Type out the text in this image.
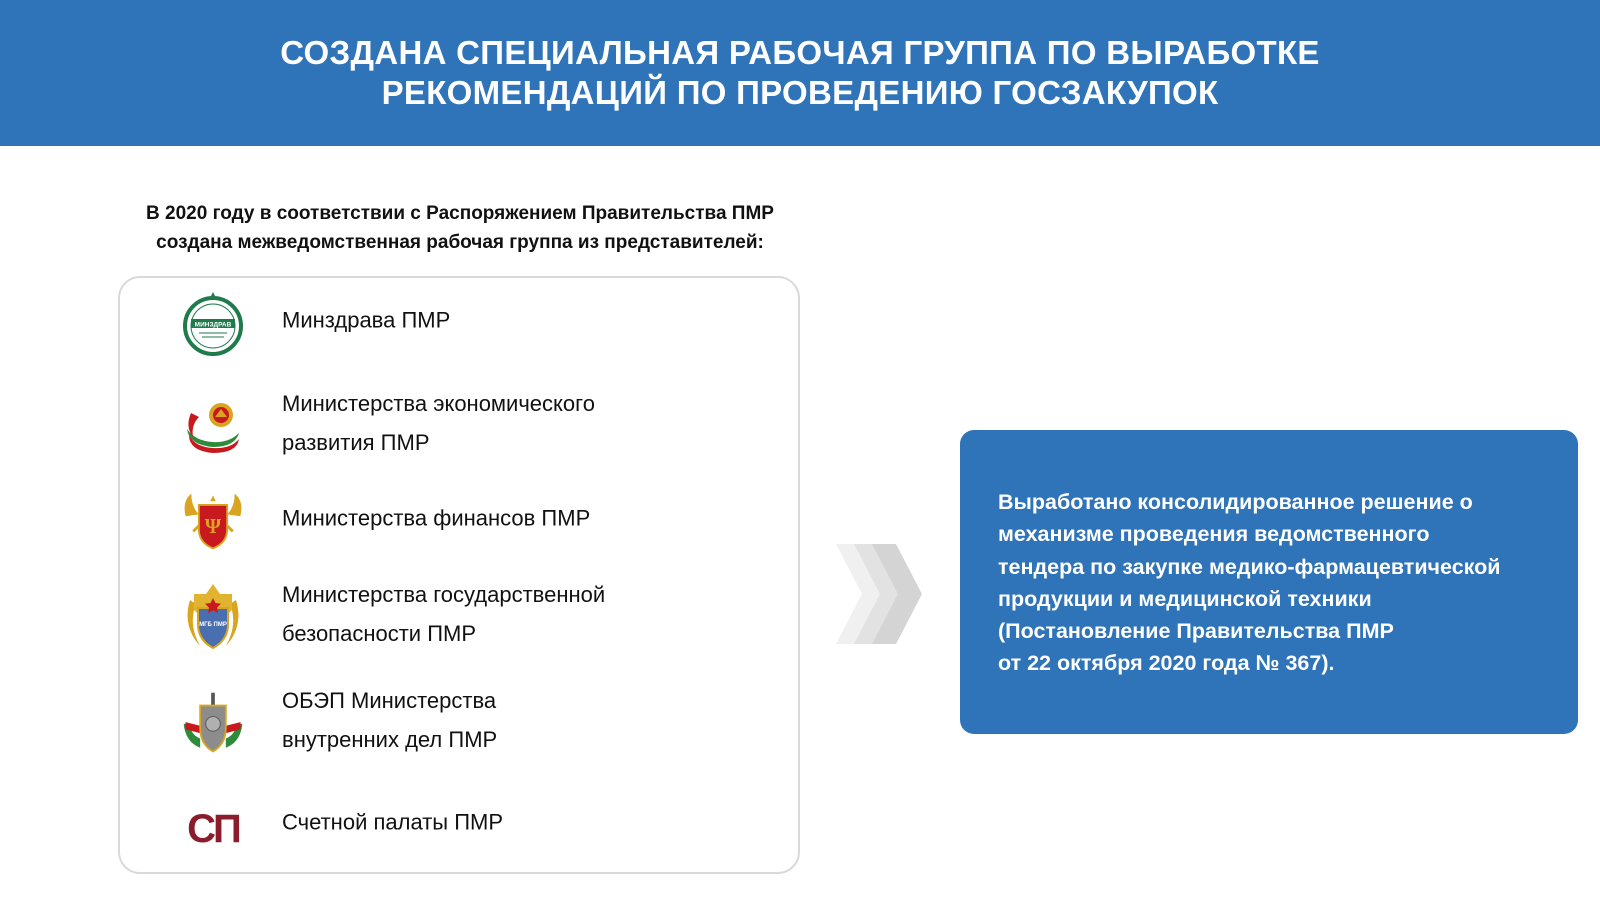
СОЗДАНА СПЕЦИАЛЬНАЯ РАБОЧАЯ ГРУППА ПО ВЫРАБОТКЕ
РЕКОМЕНДАЦИЙ ПО ПРОВЕДЕНИЮ ГОСЗАКУПОК
В 2020 году в соответствии с Распоряжением Правительства ПМР
создана межведомственная рабочая группа из представителей:
МИНЗДРАВ Минздрава ПМР
Министерства экономического
развития ПМР
Ψ	Министерства финансов ПМР
МГБ ПМР
Министерства государственной
безопасности ПМР
ОБЭП Министерства
внутренних дел ПМР
СП Счетной палаты ПМР
Выработано консолидированное решение о
механизме проведения ведомственного
тендера по закупке медико-фармацевтической
продукции и медицинской техники
(Постановление Правительства ПМР
от 22 октября 2020 года № 367).
